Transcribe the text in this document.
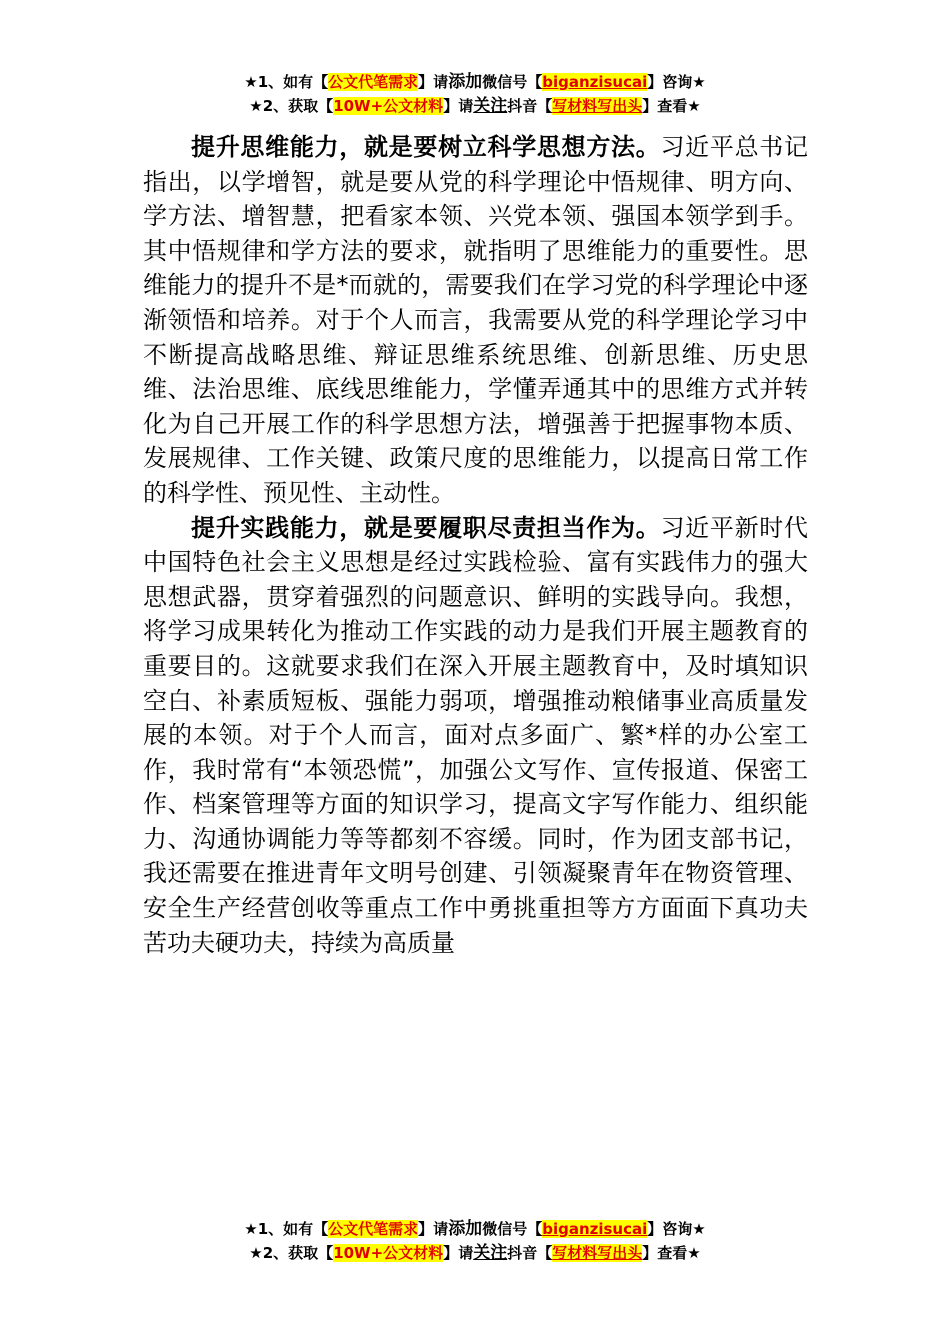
★1、如有【公文代笔需求】请添加微信号【biganzisucai】咨询★
★2、获取【10W+公文材料】请关注抖音【写材料写出头】查看★

提升思维能力，就是要树立科学思想方法。习近平总书记指出，以学增智，就是要从党的科学理论中悟规律、明方向、学方法、增智慧，把看家本领、兴党本领、强国本领学到手。其中悟规律和学方法的要求，就指明了思维能力的重要性。思维能力的提升不是*而就的，需要我们在学习党的科学理论中逐渐领悟和培养。对于个人而言，我需要从党的科学理论学习中不断提高战略思维、辩证思维系统思维、创新思维、历史思维、法治思维、底线思维能力，学懂弄通其中的思维方式并转化为自己开展工作的科学思想方法，增强善于把握事物本质、发展规律、工作关键、政策尺度的思维能力，以提高日常工作的科学性、预见性、主动性。

提升实践能力，就是要履职尽责担当作为。习近平新时代中国特色社会主义思想是经过实践检验、富有实践伟力的强大思想武器，贯穿着强烈的问题意识、鲜明的实践导向。我想，将学习成果转化为推动工作实践的动力是我们开展主题教育的重要目的。这就要求我们在深入开展主题教育中，及时填知识空白、补素质短板、强能力弱项，增强推动粮储事业高质量发展的本领。对于个人而言，面对点多面广、繁*样的办公室工作，我时常有“本领恐慌”，加强公文写作、宣传报道、保密工作、档案管理等方面的知识学习，提高文字写作能力、组织能力、沟通协调能力等等都刻不容缓。同时，作为团支部书记，我还需要在推进青年文明号创建、引领凝聚青年在物资管理、安全生产经营创收等重点工作中勇挑重担等方方面面下真功夫苦功夫硬功夫，持续为高质量

★1、如有【公文代笔需求】请添加微信号【biganzisucai】咨询★
★2、获取【10W+公文材料】请关注抖音【写材料写出头】查看★
